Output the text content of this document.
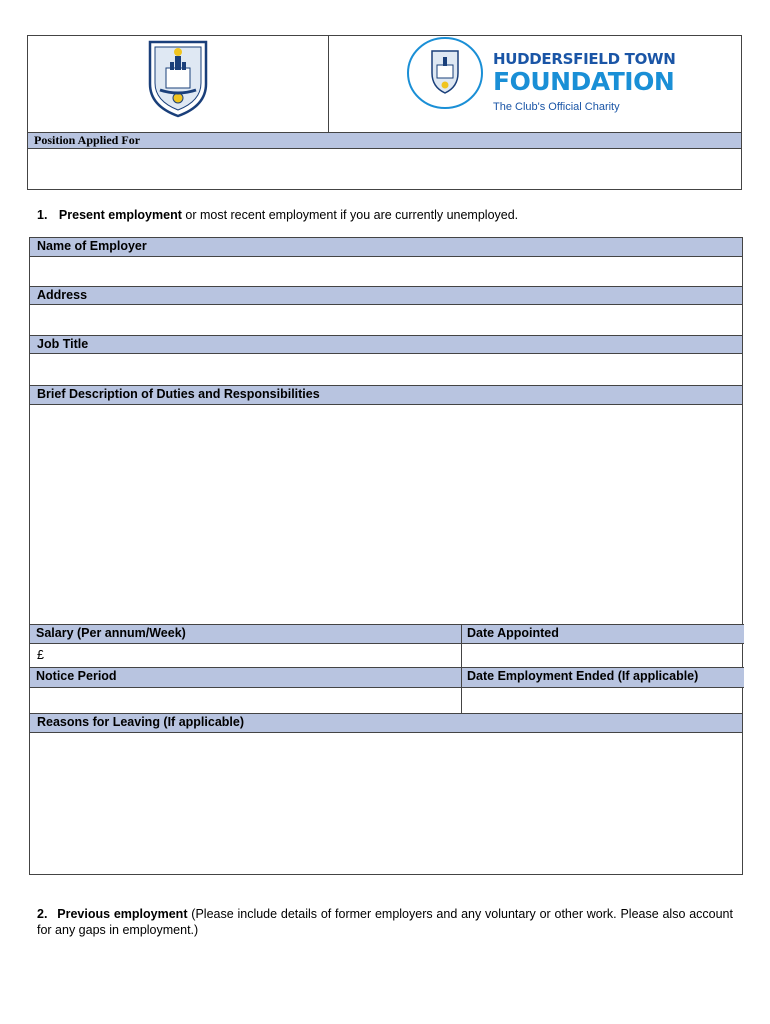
Position Applied For
HUDDERSFIELD TOWN
FOUNDATION
The Club's Official Charity
1. Present employment or most recent employment if you are currently unemployed.
Name of Employer
Address
Job Title
Brief Description of Duties and Responsibilities
Salary (Per annum/Week)	Date Appointed
£
Notice Period	Date Employment Ended (If applicable)
Reasons for Leaving (If applicable)
2. Previous employment (Please include details of former employers and any voluntary or other work. Please also account for any gaps in employment.)
